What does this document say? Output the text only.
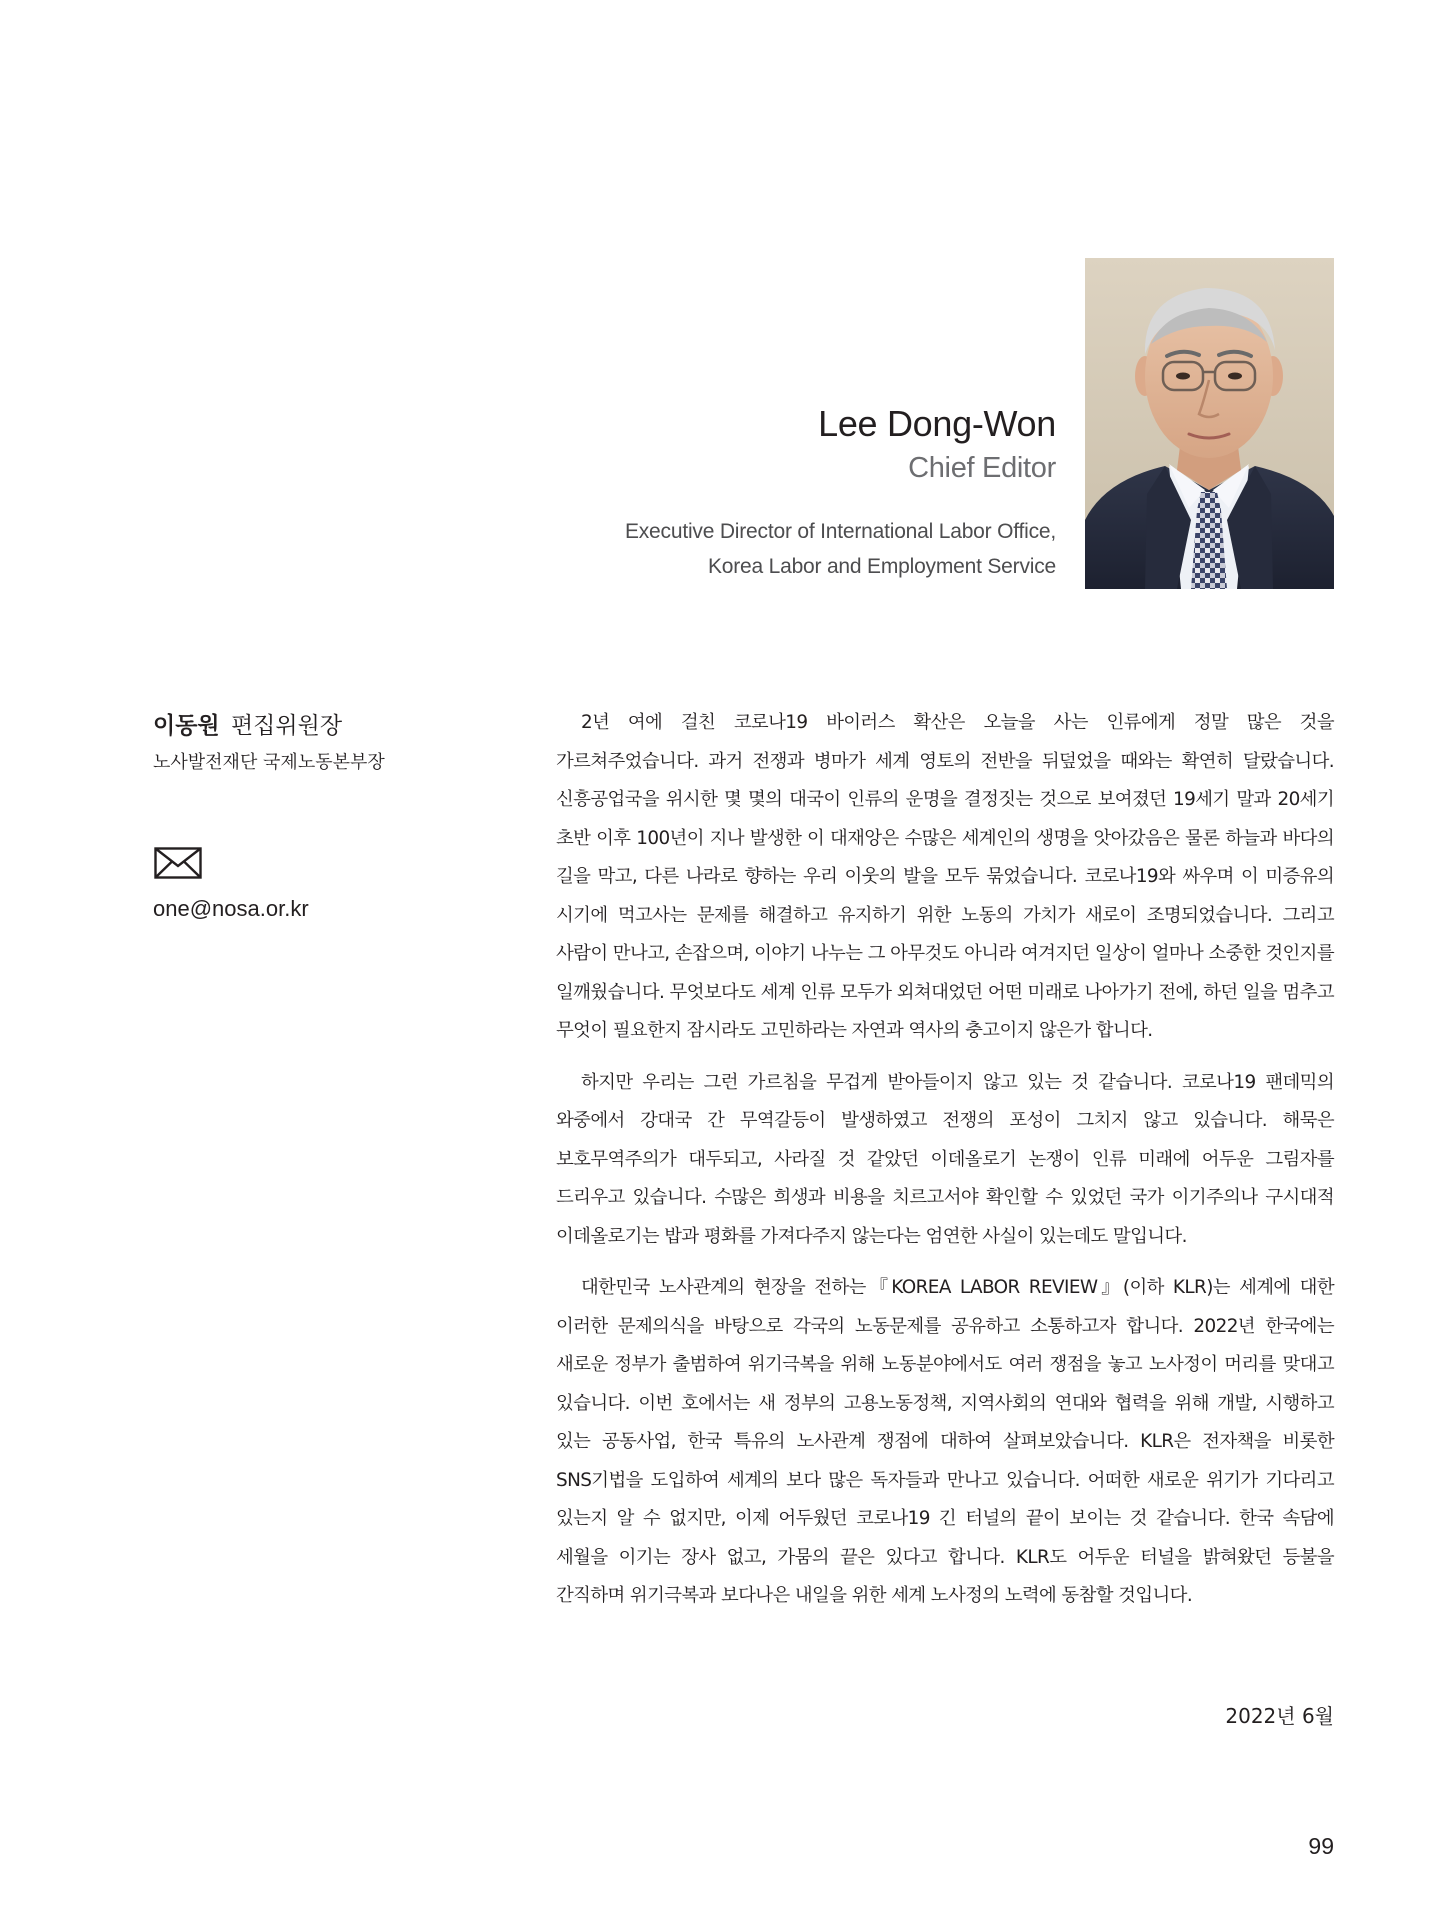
Lee Dong-Won
Chief Editor
Executive Director of International Labor Office,
Korea Labor and Employment Service
이동원 편집위원장
노사발전재단 국제노동본부장
one@nosa.or.kr

2년 여에 걸친 코로나19 바이러스 확산은 오늘을 사는 인류에게 정말 많은 것을 가르쳐주었습니다. 과거 전쟁과 병마가 세계 영토의 전반을 뒤덮었을 때와는 확연히 달랐습니다. 신흥공업국을 위시한 몇 몇의 대국이 인류의 운명을 결정짓는 것으로 보여졌던 19세기 말과 20세기 초반 이후 100년이 지나 발생한 이 대재앙은 수많은 세계인의 생명을 앗아갔음은 물론 하늘과 바다의 길을 막고, 다른 나라로 향하는 우리 이웃의 발을 모두 묶었습니다. 코로나19와 싸우며 이 미증유의 시기에 먹고사는 문제를 해결하고 유지하기 위한 노동의 가치가 새로이 조명되었습니다. 그리고 사람이 만나고, 손잡으며, 이야기 나누는 그 아무것도 아니라 여겨지던 일상이 얼마나 소중한 것인지를 일깨웠습니다. 무엇보다도 세계 인류 모두가 외쳐대었던 어떤 미래로 나아가기 전에, 하던 일을 멈추고 무엇이 필요한지 잠시라도 고민하라는 자연과 역사의 충고이지 않은가 합니다.

하지만 우리는 그런 가르침을 무겁게 받아들이지 않고 있는 것 같습니다. 코로나19 팬데믹의 와중에서 강대국 간 무역갈등이 발생하였고 전쟁의 포성이 그치지 않고 있습니다. 해묵은 보호무역주의가 대두되고, 사라질 것 같았던 이데올로기 논쟁이 인류 미래에 어두운 그림자를 드리우고 있습니다. 수많은 희생과 비용을 치르고서야 확인할 수 있었던 국가 이기주의나 구시대적 이데올로기는 밥과 평화를 가져다주지 않는다는 엄연한 사실이 있는데도 말입니다.

대한민국 노사관계의 현장을 전하는『KOREA LABOR REVIEW』(이하 KLR)는 세계에 대한 이러한 문제의식을 바탕으로 각국의 노동문제를 공유하고 소통하고자 합니다. 2022년 한국에는 새로운 정부가 출범하여 위기극복을 위해 노동분야에서도 여러 쟁점을 놓고 노사정이 머리를 맞대고 있습니다. 이번 호에서는 새 정부의 고용노동정책, 지역사회의 연대와 협력을 위해 개발, 시행하고 있는 공동사업, 한국 특유의 노사관계 쟁점에 대하여 살펴보았습니다. KLR은 전자책을 비롯한 SNS기법을 도입하여 세계의 보다 많은 독자들과 만나고 있습니다. 어떠한 새로운 위기가 기다리고 있는지 알 수 없지만, 이제 어두웠던 코로나19 긴 터널의 끝이 보이는 것 같습니다. 한국 속담에 세월을 이기는 장사 없고, 가뭄의 끝은 있다고 합니다. KLR도 어두운 터널을 밝혀왔던 등불을 간직하며 위기극복과 보다나은 내일을 위한 세계 노사정의 노력에 동참할 것입니다.

2022년 6월
99
